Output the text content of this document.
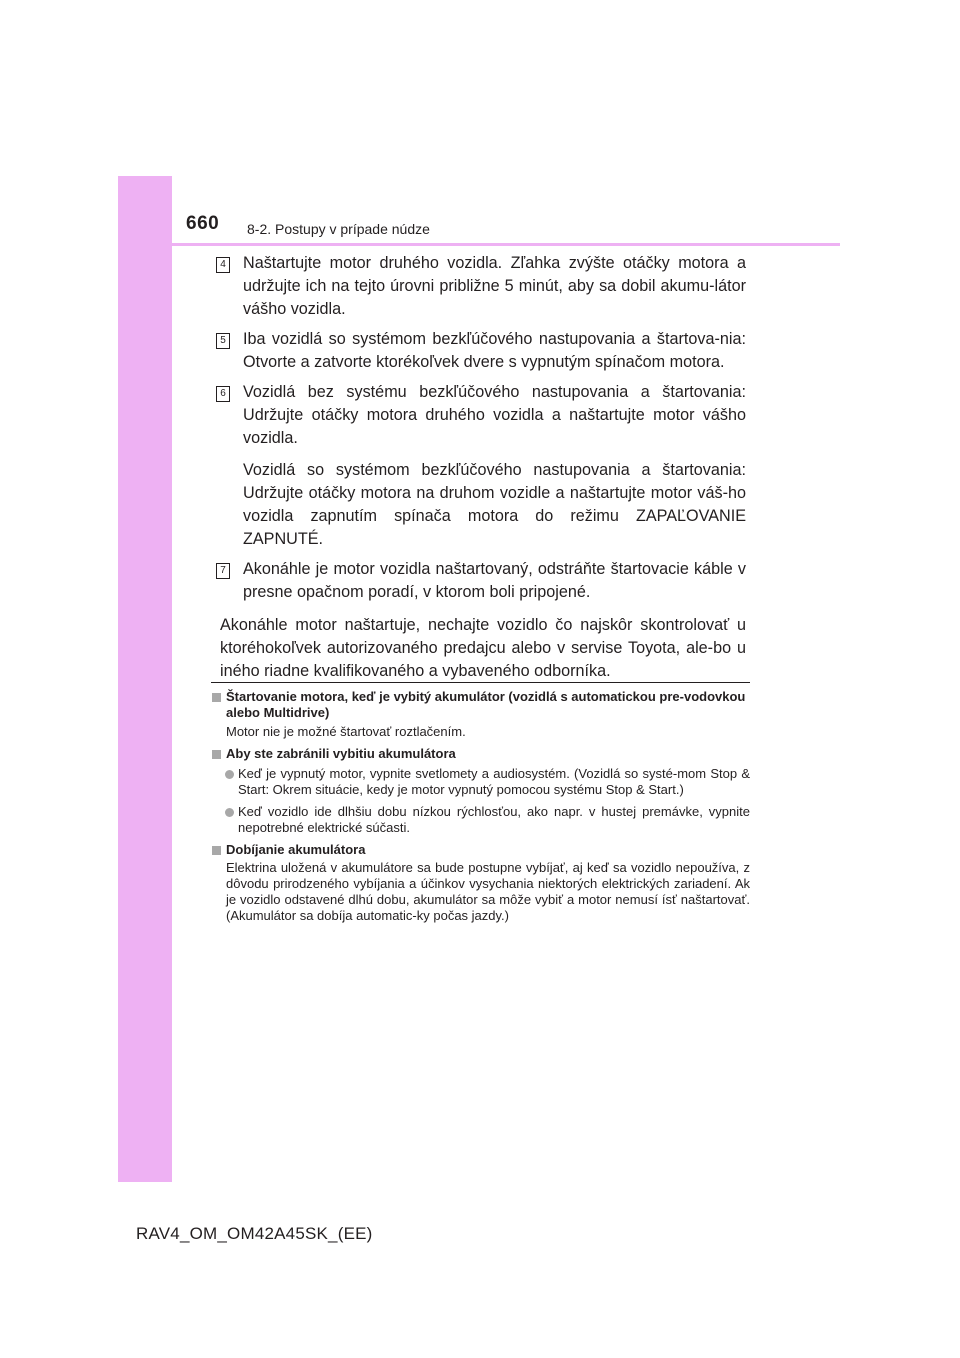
660 8-2. Postupy v prípade núdze
4 Naštartujte motor druhého vozidla. Zľahka zvýšte otáčky motora a udržujte ich na tejto úrovni približne 5 minút, aby sa dobil akumu-látor vášho vozidla.

5 Iba vozidlá so systémom bezkľúčového nastupovania a štartova-nia: Otvorte a zatvorte ktorékoľvek dvere s vypnutým spínačom motora.

6 Vozidlá bez systému bezkľúčového nastupovania a štartovania: Udržujte otáčky motora druhého vozidla a naštartujte motor vášho vozidla.

Vozidlá so systémom bezkľúčového nastupovania a štartovania: Udržujte otáčky motora na druhom vozidle a naštartujte motor váš-ho vozidla zapnutím spínača motora do režimu ZAPAĽOVANIE ZAPNUTÉ.

7 Akonáhle je motor vozidla naštartovaný, odstráňte štartovacie káble v presne opačnom poradí, v ktorom boli pripojené.

Akonáhle motor naštartuje, nechajte vozidlo čo najskôr skontrolovať u ktoréhokoľvek autorizovaného predajcu alebo v servise Toyota, ale-bo u iného riadne kvalifikovaného a vybaveného odborníka.

Štartovanie motora, keď je vybitý akumulátor (vozidlá s automatickou pre-vodovkou alebo Multidrive)
Motor nie je možné štartovať roztlačením.
Aby ste zabránili vybitiu akumulátora
Keď je vypnutý motor, vypnite svetlomety a audiosystém. (Vozidlá so systé-mom Stop & Start: Okrem situácie, kedy je motor vypnutý pomocou systému Stop & Start.)
Keď vozidlo ide dlhšiu dobu nízkou rýchlosťou, ako napr. v hustej premávke, vypnite nepotrebné elektrické súčasti.
Dobíjanie akumulátora
Elektrina uložená v akumulátore sa bude postupne vybíjať, aj keď sa vozidlo nepoužíva, z dôvodu prirodzeného vybíjania a účinkov vysychania niektorých elektrických zariadení. Ak je vozidlo odstavené dlhú dobu, akumulátor sa môže vybiť a motor nemusí ísť naštartovať. (Akumulátor sa dobíja automatic-ky počas jazdy.)
RAV4_OM_OM42A45SK_(EE)
